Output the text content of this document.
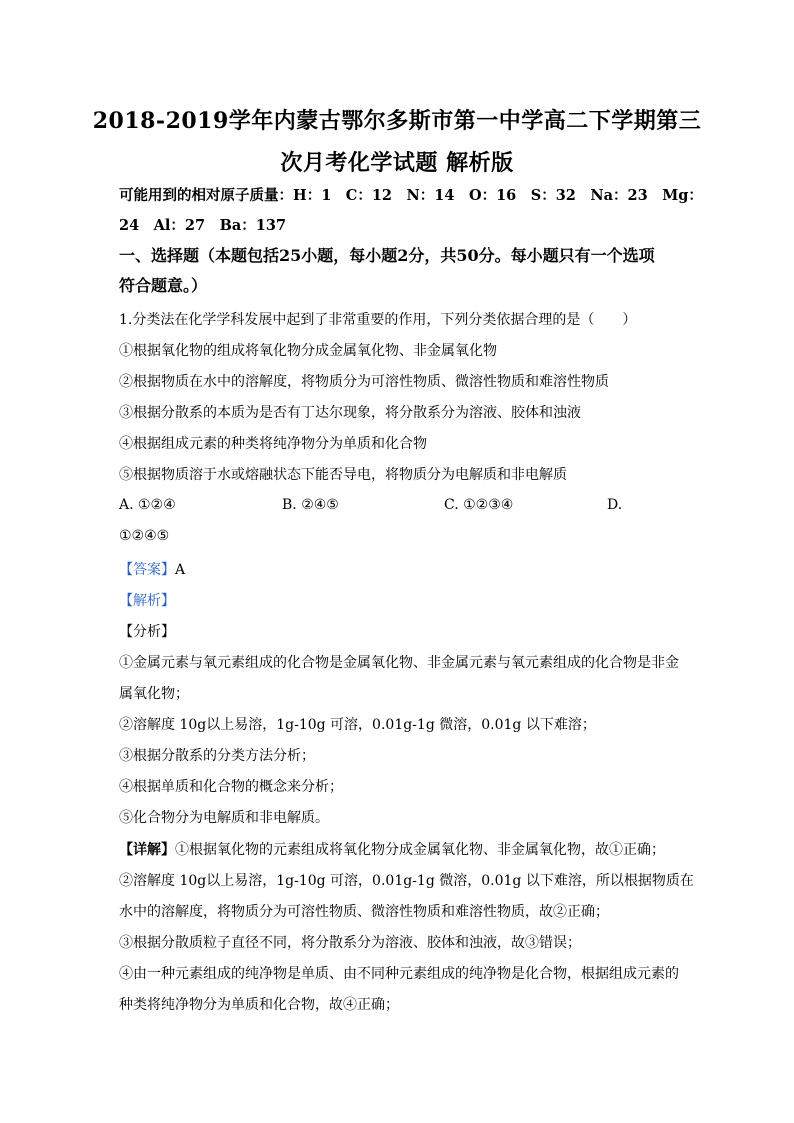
2018-2019学年内蒙古鄂尔多斯市第一中学高二下学期第三
次月考化学试题 解析版
可能用到的相对原子质量：H：1　C：12　N：14　O：16　S：32　Na：23　Mg：
24　Al：27　Ba：137
一、选择题（本题包括25小题，每小题2分，共50分。每小题只有一个选项
符合题意。）
1.分类法在化学学科发展中起到了非常重要的作用，下列分类依据合理的是（　　）
①根据氧化物的组成将氧化物分成金属氧化物、非金属氧化物
②根据物质在水中的溶解度，将物质分为可溶性物质、微溶性物质和难溶性物质
③根据分散系的本质为是否有丁达尔现象，将分散系分为溶液、胶体和浊液
④根据组成元素的种类将纯净物分为单质和化合物
⑤根据物质溶于水或熔融状态下能否导电，将物质分为电解质和非电解质
A. ①②④	B. ②④⑤	C. ①②③④	D.
①②④⑤
【答案】A
【解析】
【分析】
①金属元素与氧元素组成的化合物是金属氧化物、非金属元素与氧元素组成的化合物是非金
属氧化物；
②溶解度 10g以上易溶，1g-10g 可溶，0.01g-1g 微溶，0.01g 以下难溶；
③根据分散系的分类方法分析；
④根据单质和化合物的概念来分析；
⑤化合物分为电解质和非电解质。
【详解】①根据氧化物的元素组成将氧化物分成金属氧化物、非金属氧化物，故①正确；
②溶解度 10g以上易溶，1g-10g 可溶，0.01g-1g 微溶，0.01g 以下难溶，所以根据物质在
水中的溶解度，将物质分为可溶性物质、微溶性物质和难溶性物质，故②正确；
③根据分散质粒子直径不同，将分散系分为溶液、胶体和浊液，故③错误；
④由一种元素组成的纯净物是单质、由不同种元素组成的纯净物是化合物，根据组成元素的
种类将纯净物分为单质和化合物，故④正确；
